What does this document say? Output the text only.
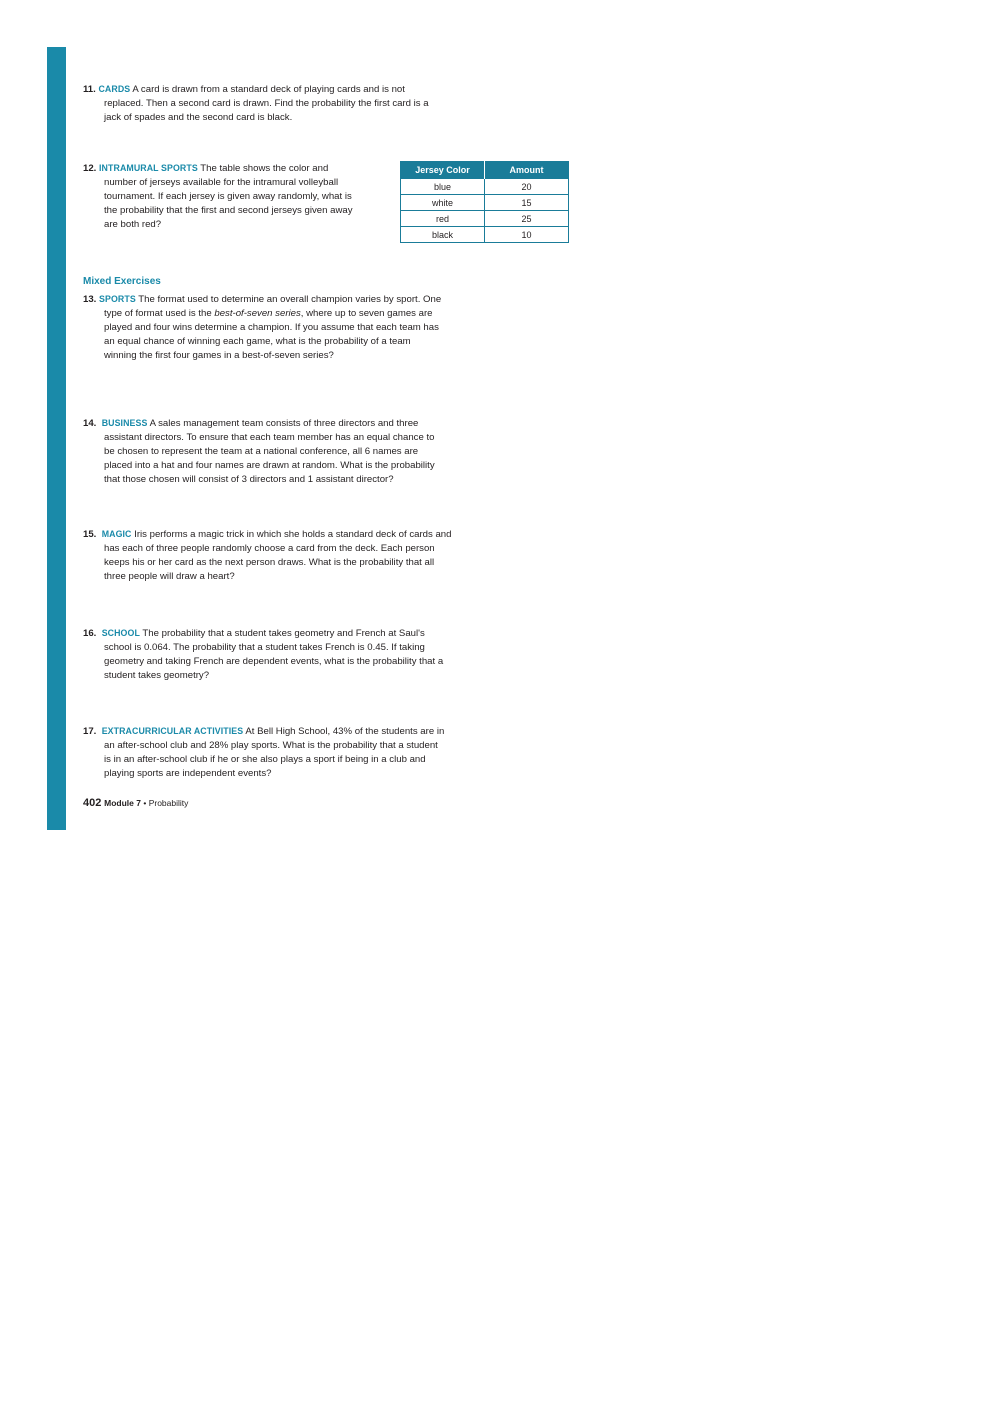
11. CARDS A card is drawn from a standard deck of playing cards and is not
replaced. Then a second card is drawn. Find the probability the first card is a
jack of spades and the second card is black.
12. INTRAMURAL SPORTS The table shows the color and
number of jerseys available for the intramural volleyball
tournament. If each jersey is given away randomly, what is
the probability that the first and second jerseys given away
are both red?
Jersey Color	Amount
blue	20
white	15
red	25
black	10
Mixed Exercises
13. SPORTS The format used to determine an overall champion varies by sport. One
type of format used is the best-of-seven series, where up to seven games are
played and four wins determine a champion. If you assume that each team has
an equal chance of winning each game, what is the probability of a team
winning the first four games in a best-of-seven series?
14. BUSINESS A sales management team consists of three directors and three
assistant directors. To ensure that each team member has an equal chance to
be chosen to represent the team at a national conference, all 6 names are
placed into a hat and four names are drawn at random. What is the probability
that those chosen will consist of 3 directors and 1 assistant director?
15. MAGIC Iris performs a magic trick in which she holds a standard deck of cards and
has each of three people randomly choose a card from the deck. Each person
keeps his or her card as the next person draws. What is the probability that all
three people will draw a heart?
16. SCHOOL The probability that a student takes geometry and French at Saul's
school is 0.064. The probability that a student takes French is 0.45. If taking
geometry and taking French are dependent events, what is the probability that a
student takes geometry?
17. EXTRACURRICULAR ACTIVITIES At Bell High School, 43% of the students are in
an after-school club and 28% play sports. What is the probability that a student
is in an after-school club if he or she also plays a sport if being in a club and
playing sports are independent events?
402 Module 7 • Probability
